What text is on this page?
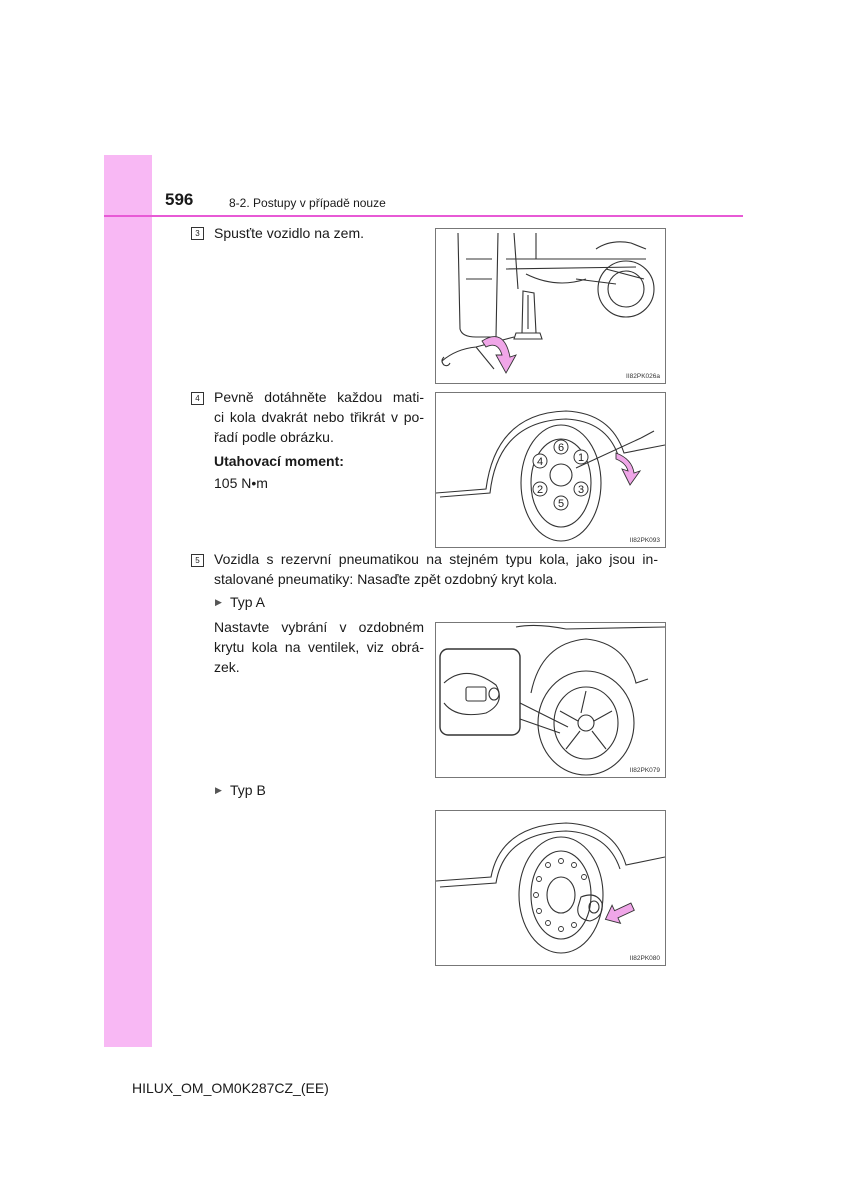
596	8-2. Postupy v případě nouze
3	Spusťte vozidlo na zem.
II82PK026a
4	Pevně dotáhněte každou mati-
ci kola dvakrát nebo třikrát v po-
řadí podle obrázku.
Utahovací moment:
105 N•m
1
2	3
4
5
6
II82PK093
5	Vozidla s rezervní pneumatikou na stejném typu kola, jako jsou in-
stalované pneumatiky: Nasaďte zpět ozdobný kryt kola.
▶ Typ A
Nastavte vybrání v ozdobném
krytu kola na ventilek, viz obrá-
zek.
II82PK079
▶ Typ B
II82PK080
HILUX_OM_OM0K287CZ_(EE)
